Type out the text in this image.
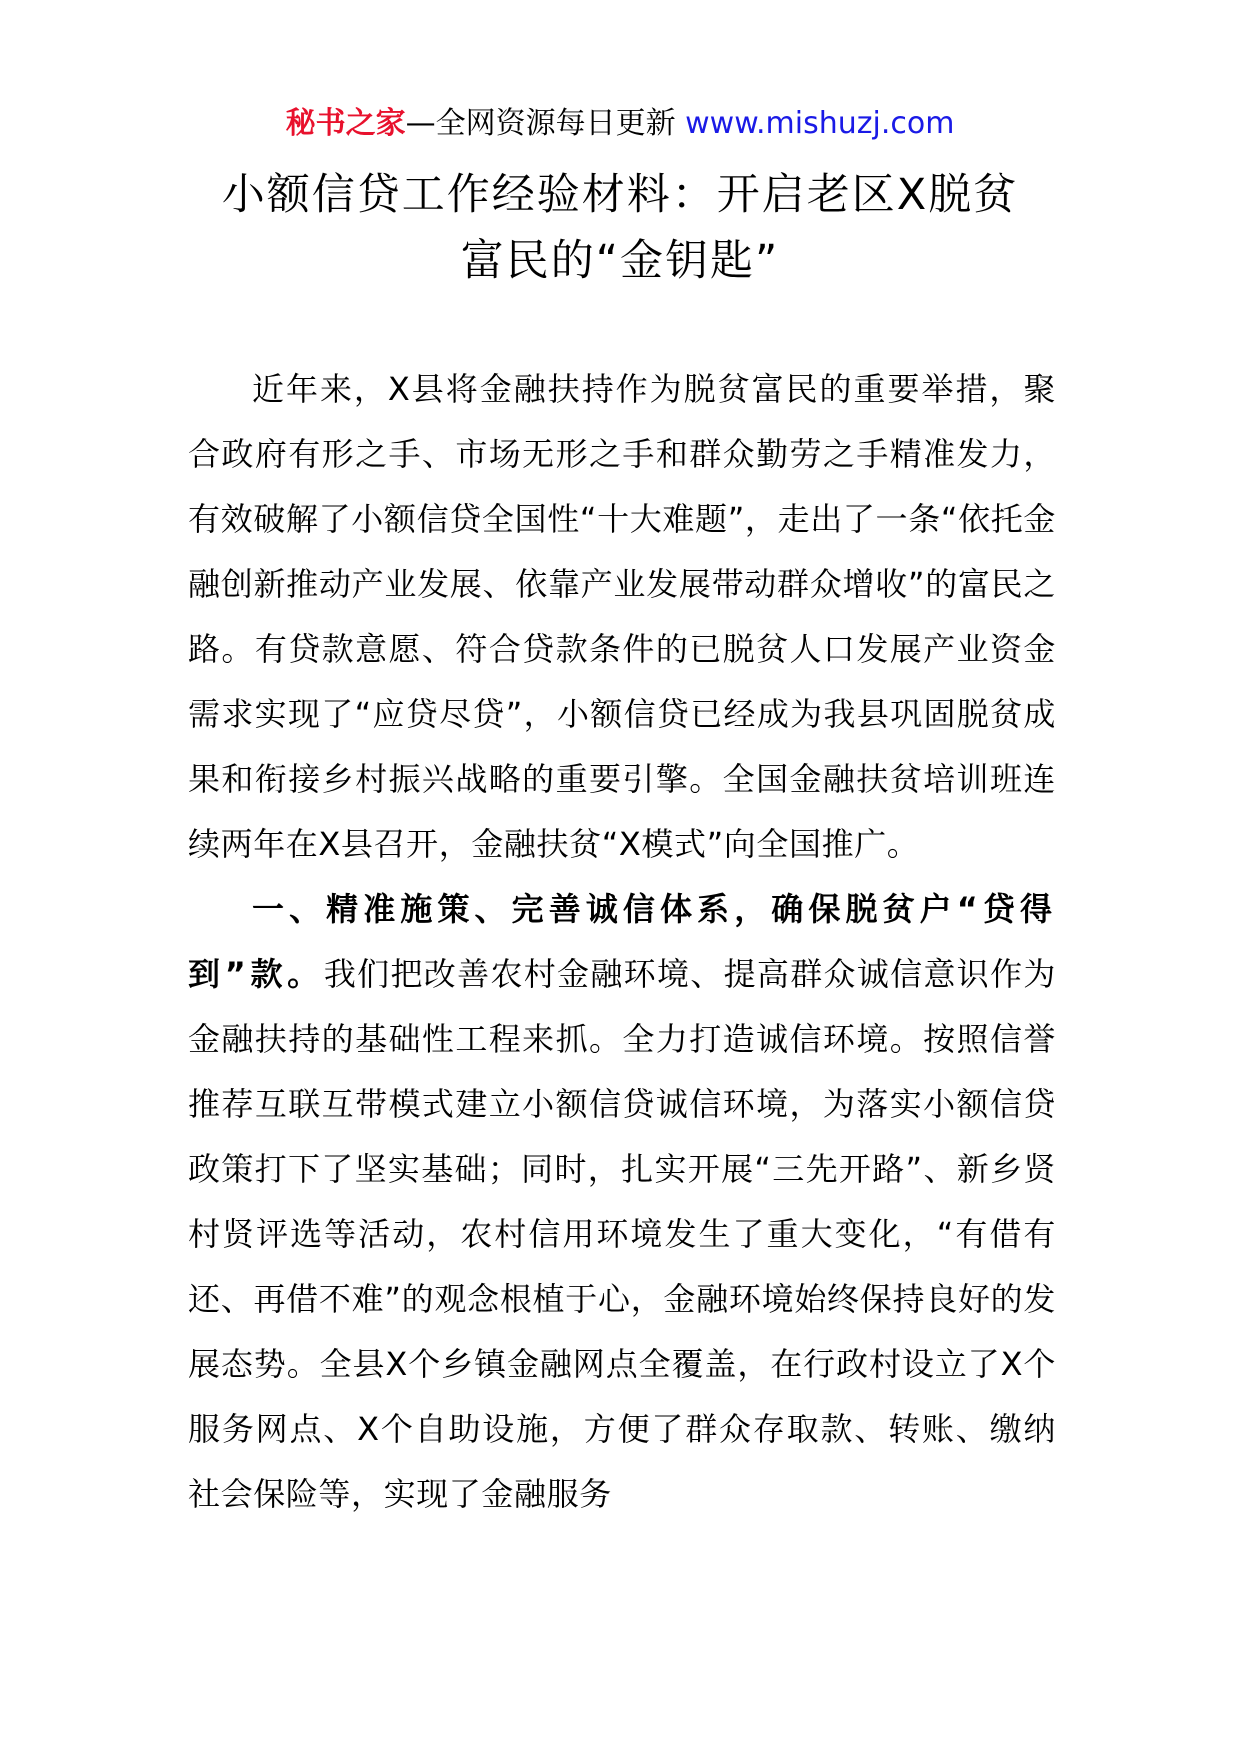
秘书之家—全网资源每日更新 www.mishuzj.com
小额信贷工作经验材料：开启老区X脱贫
富民的“金钥匙”

近年来，X县将金融扶持作为脱贫富民的重要举措，聚合政府有形之手、市场无形之手和群众勤劳之手精准发力，有效破解了小额信贷全国性“十大难题”，走出了一条“依托金融创新推动产业发展、依靠产业发展带动群众增收”的富民之路。有贷款意愿、符合贷款条件的已脱贫人口发展产业资金需求实现了“应贷尽贷”，小额信贷已经成为我县巩固脱贫成果和衔接乡村振兴战略的重要引擎。全国金融扶贫培训班连续两年在X县召开，金融扶贫“X模式”向全国推广。

一、精准施策、完善诚信体系，确保脱贫户“贷得到”款。我们把改善农村金融环境、提高群众诚信意识作为金融扶持的基础性工程来抓。全力打造诚信环境。按照信誉推荐互联互带模式建立小额信贷诚信环境，为落实小额信贷政策打下了坚实基础；同时，扎实开展“三先开路”、新乡贤村贤评选等活动，农村信用环境发生了重大变化，“有借有还、再借不难”的观念根植于心，金融环境始终保持良好的发展态势。全县X个乡镇金融网点全覆盖，在行政村设立了X个服务网点、X个自助设施，方便了群众存取款、转账、缴纳社会保险等，实现了金融服务
